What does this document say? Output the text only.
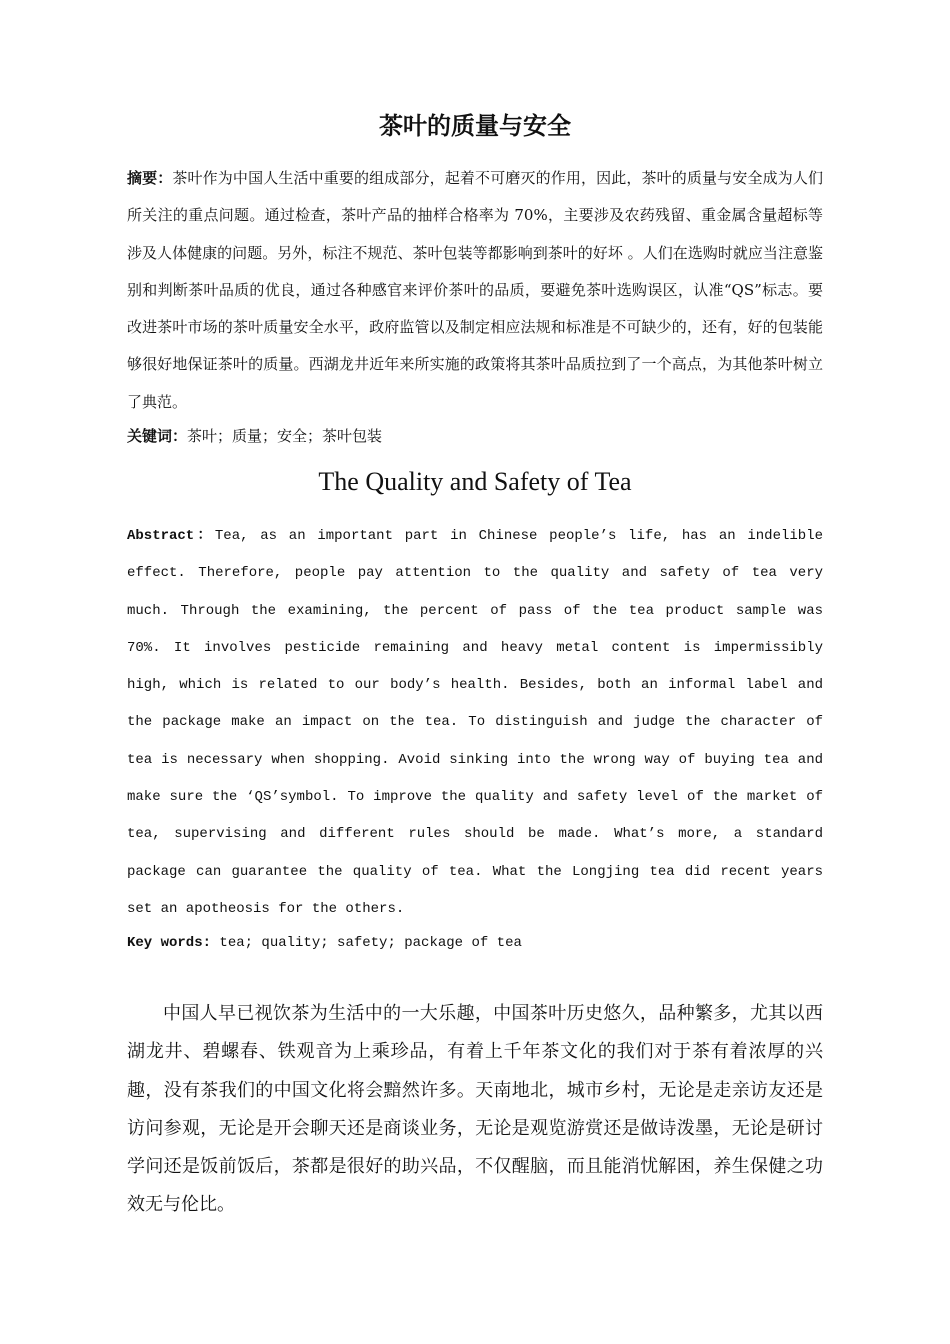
茶叶的质量与安全

摘要：茶叶作为中国人生活中重要的组成部分，起着不可磨灭的作用，因此，茶叶的质量与安全成为人们所关注的重点问题。通过检查，茶叶产品的抽样合格率为 70%，主要涉及农药残留、重金属含量超标等涉及人体健康的问题。另外，标注不规范、茶叶包装等都影响到茶叶的好坏 。人们在选购时就应当注意鉴别和判断茶叶品质的优良，通过各种感官来评价茶叶的品质，要避免茶叶选购误区，认准“QS”标志。要改进茶叶市场的茶叶质量安全水平，政府监管以及制定相应法规和标准是不可缺少的，还有，好的包装能够很好地保证茶叶的质量。西湖龙井近年来所实施的政策将其茶叶品质拉到了一个高点，为其他茶叶树立了典范。

关键词：茶叶；质量；安全；茶叶包装

The Quality and Safety of Tea

Abstract：Tea, as an important part in Chinese people’s life, has an indelible effect. Therefore, people pay attention to the quality and safety of tea very much. Through the examining, the percent of pass of the tea product sample was 70%. It involves pesticide remaining and heavy metal content is impermissibly high, which is related to our body’s health. Besides, both an informal label and the package make an impact on the tea. To distinguish and judge the character of tea is necessary when shopping. Avoid sinking into the wrong way of buying tea and make sure the ‘QS’symbol. To improve the quality and safety level of the market of tea, supervising and different rules should be made. What’s more, a standard package can guarantee the quality of tea. What the Longjing tea did recent years set an apotheosis for the others.

Key words: tea; quality; safety; package of tea

中国人早已视饮茶为生活中的一大乐趣，中国茶叶历史悠久，品种繁多，尤其以西湖龙井、碧螺春、铁观音为上乘珍品，有着上千年茶文化的我们对于茶有着浓厚的兴趣，没有茶我们的中国文化将会黯然许多。天南地北，城市乡村，无论是走亲访友还是访问参观，无论是开会聊天还是商谈业务，无论是观览游赏还是做诗泼墨，无论是研讨学问还是饭前饭后，茶都是很好的助兴品，不仅醒脑，而且能消忧解困，养生保健之功效无与伦比。
